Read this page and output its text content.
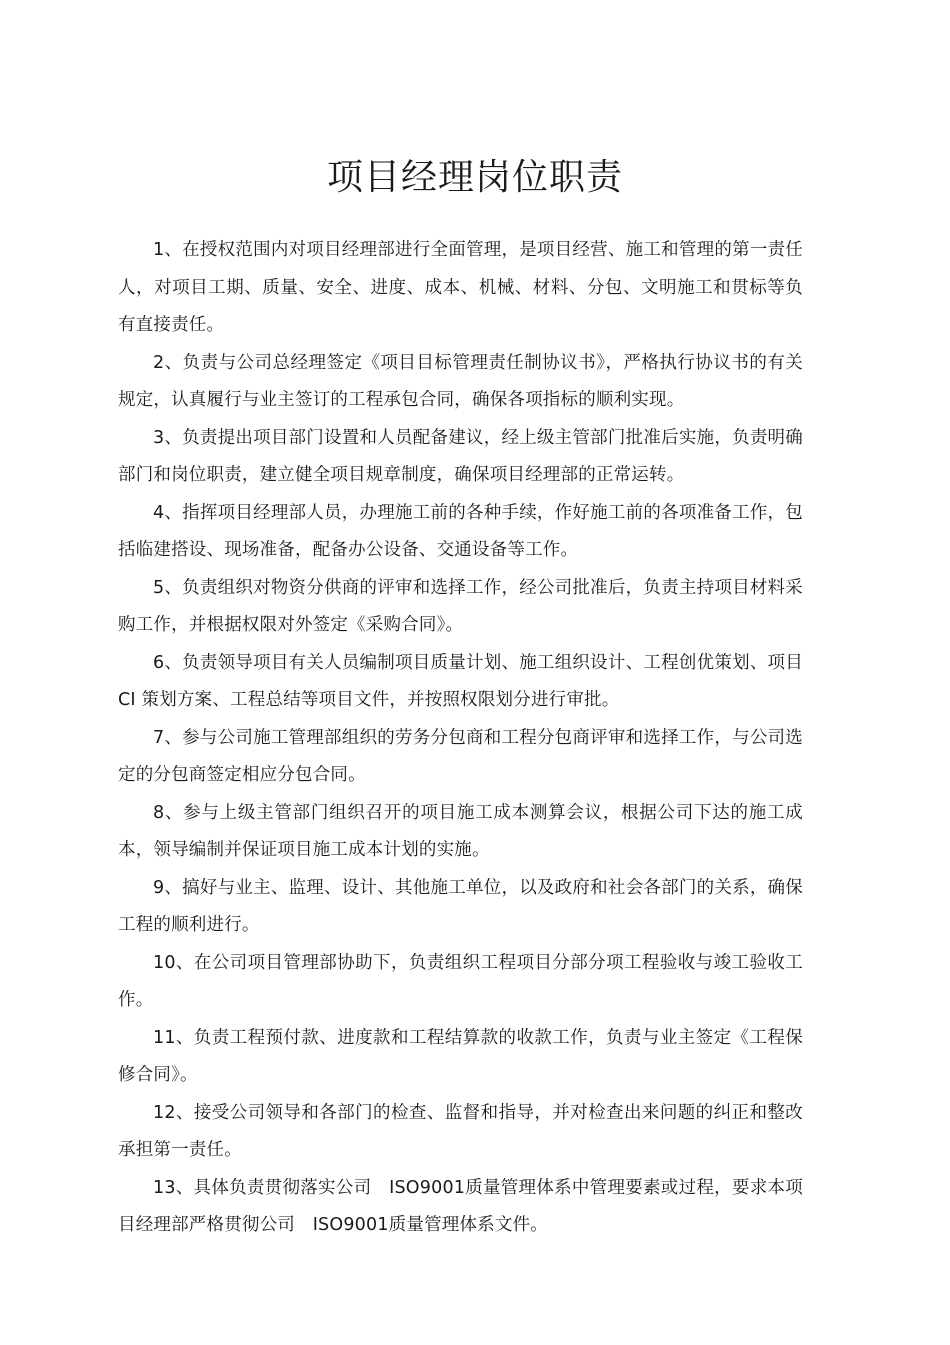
项目经理岗位职责

1、在授权范围内对项目经理部进行全面管理，是项目经营、施工和管理的第一责任人，对项目工期、质量、安全、进度、成本、机械、材料、分包、文明施工和贯标等负有直接责任。

2、负责与公司总经理签定《项目目标管理责任制协议书》，严格执行协议书的有关规定，认真履行与业主签订的工程承包合同，确保各项指标的顺利实现。

3、负责提出项目部门设置和人员配备建议，经上级主管部门批准后实施，负责明确部门和岗位职责，建立健全项目规章制度，确保项目经理部的正常运转。

4、指挥项目经理部人员，办理施工前的各种手续，作好施工前的各项准备工作，包括临建搭设、现场准备，配备办公设备、交通设备等工作。

5、负责组织对物资分供商的评审和选择工作，经公司批准后，负责主持项目材料采购工作，并根据权限对外签定《采购合同》。

6、负责领导项目有关人员编制项目质量计划、施工组织设计、工程创优策划、项目 CI 策划方案、工程总结等项目文件，并按照权限划分进行审批。

7、参与公司施工管理部组织的劳务分包商和工程分包商评审和选择工作，与公司选定的分包商签定相应分包合同。

8、参与上级主管部门组织召开的项目施工成本测算会议，根据公司下达的施工成本，领导编制并保证项目施工成本计划的实施。

9、搞好与业主、监理、设计、其他施工单位，以及政府和社会各部门的关系，确保工程的顺利进行。

10、在公司项目管理部协助下，负责组织工程项目分部分项工程验收与竣工验收工作。

11、负责工程预付款、进度款和工程结算款的收款工作，负责与业主签定《工程保修合同》。

12、接受公司领导和各部门的检查、监督和指导，并对检查出来问题的纠正和整改承担第一责任。

13、具体负责贯彻落实公司　ISO9001质量管理体系中管理要素或过程，要求本项目经理部严格贯彻公司　ISO9001质量管理体系文件。
